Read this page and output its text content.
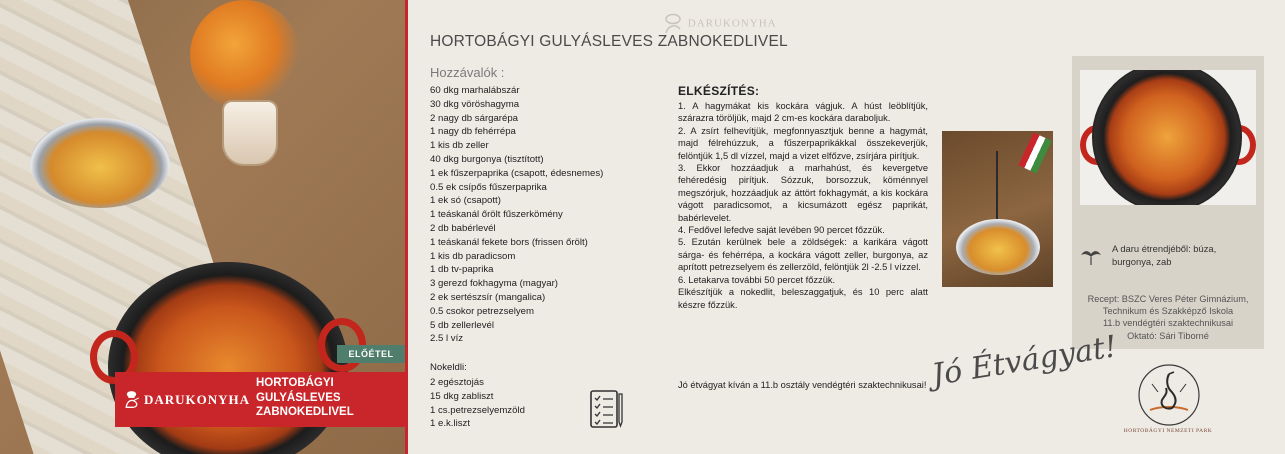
ELŐÉTEL
DARUKONYHA
HORTOBÁGYI GULYÁSLEVES ZABNOKEDLIVEL
HORTOBÁGYI GULYÁSLEVES ZABNOKEDLIVEL
DARUKONYHA
Hozzávalók :
60 dkg marhalábszár
30 dkg vöröshagyma
2 nagy db sárgarépa
1 nagy db fehérrépa
1 kis db zeller
40 dkg burgonya (tisztított)
1 ek fűszerpaprika (csapott, édesnemes)
0.5 ek csípős fűszerpaprika
1 ek só (csapott)
1 teáskanál őrölt fűszerkömény
2 db babérlevél
1 teáskanál fekete bors (frissen őrölt)
1 kis db paradicsom
1 db tv-paprika
3 gerezd fokhagyma (magyar)
2 ek sertészsír (mangalica)
0.5 csokor petrezselyem
5 db zellerlevél
2.5 l víz
Nokeldli:
2 egésztojás
15 dkg zabliszt
1 cs.petrezselyemzöld
1 e.k.liszt
ELKÉSZÍTÉS:

1. A hagymákat kis kockára vágjuk. A húst leöblítjük, szárazra töröljük, majd 2 cm-es kockára daraboljuk.

2. A zsírt felhevítjük, megfonnyasztjuk benne a hagymát, majd félrehúzzuk, a fűszerpaprikákkal összekeverjük, felöntjük 1,5 dl vízzel, majd a vizet elfőzve, zsírjára pirítjuk.

3. Ekkor hozzáadjuk a marhahúst, és kevergetve fehéredésig pirítjuk. Sózzuk, borsozzuk, köménnyel megszórjuk, hozzáadjuk az áttört fokhagymát, a kis kockára vágott paradicsomot, a kicsumázott egész paprikát, babérlevelet.

4. Fedővel lefedve saját levében 90 percet főzzük.

5. Ezután kerülnek bele a zöldségek: a karikára vágott sárga- és fehérrépa, a kockára vágott zeller, burgonya, az aprított petrezselyem és zellerzöld, felöntjük 2l -2.5 l vízzel.

6. Letakarva további 50 percet főzzük.

Elkészítjük a nokedlit, beleszaggatjuk, és 10 perc alatt készre főzzük.

Jó étvágyat kíván a 11.b osztály vendégtéri szaktechnikusai!
A daru étrendjéből: búza, burgonya, zab
Recept: BSZC Veres Péter Gimnázium,
Technikum és Szakképző Iskola
11.b vendégtéri szaktechnikusai
Oktató: Sári Tiborné
Jó Étvágyat!
HORTOBÁGYI NEMZETI PARK
